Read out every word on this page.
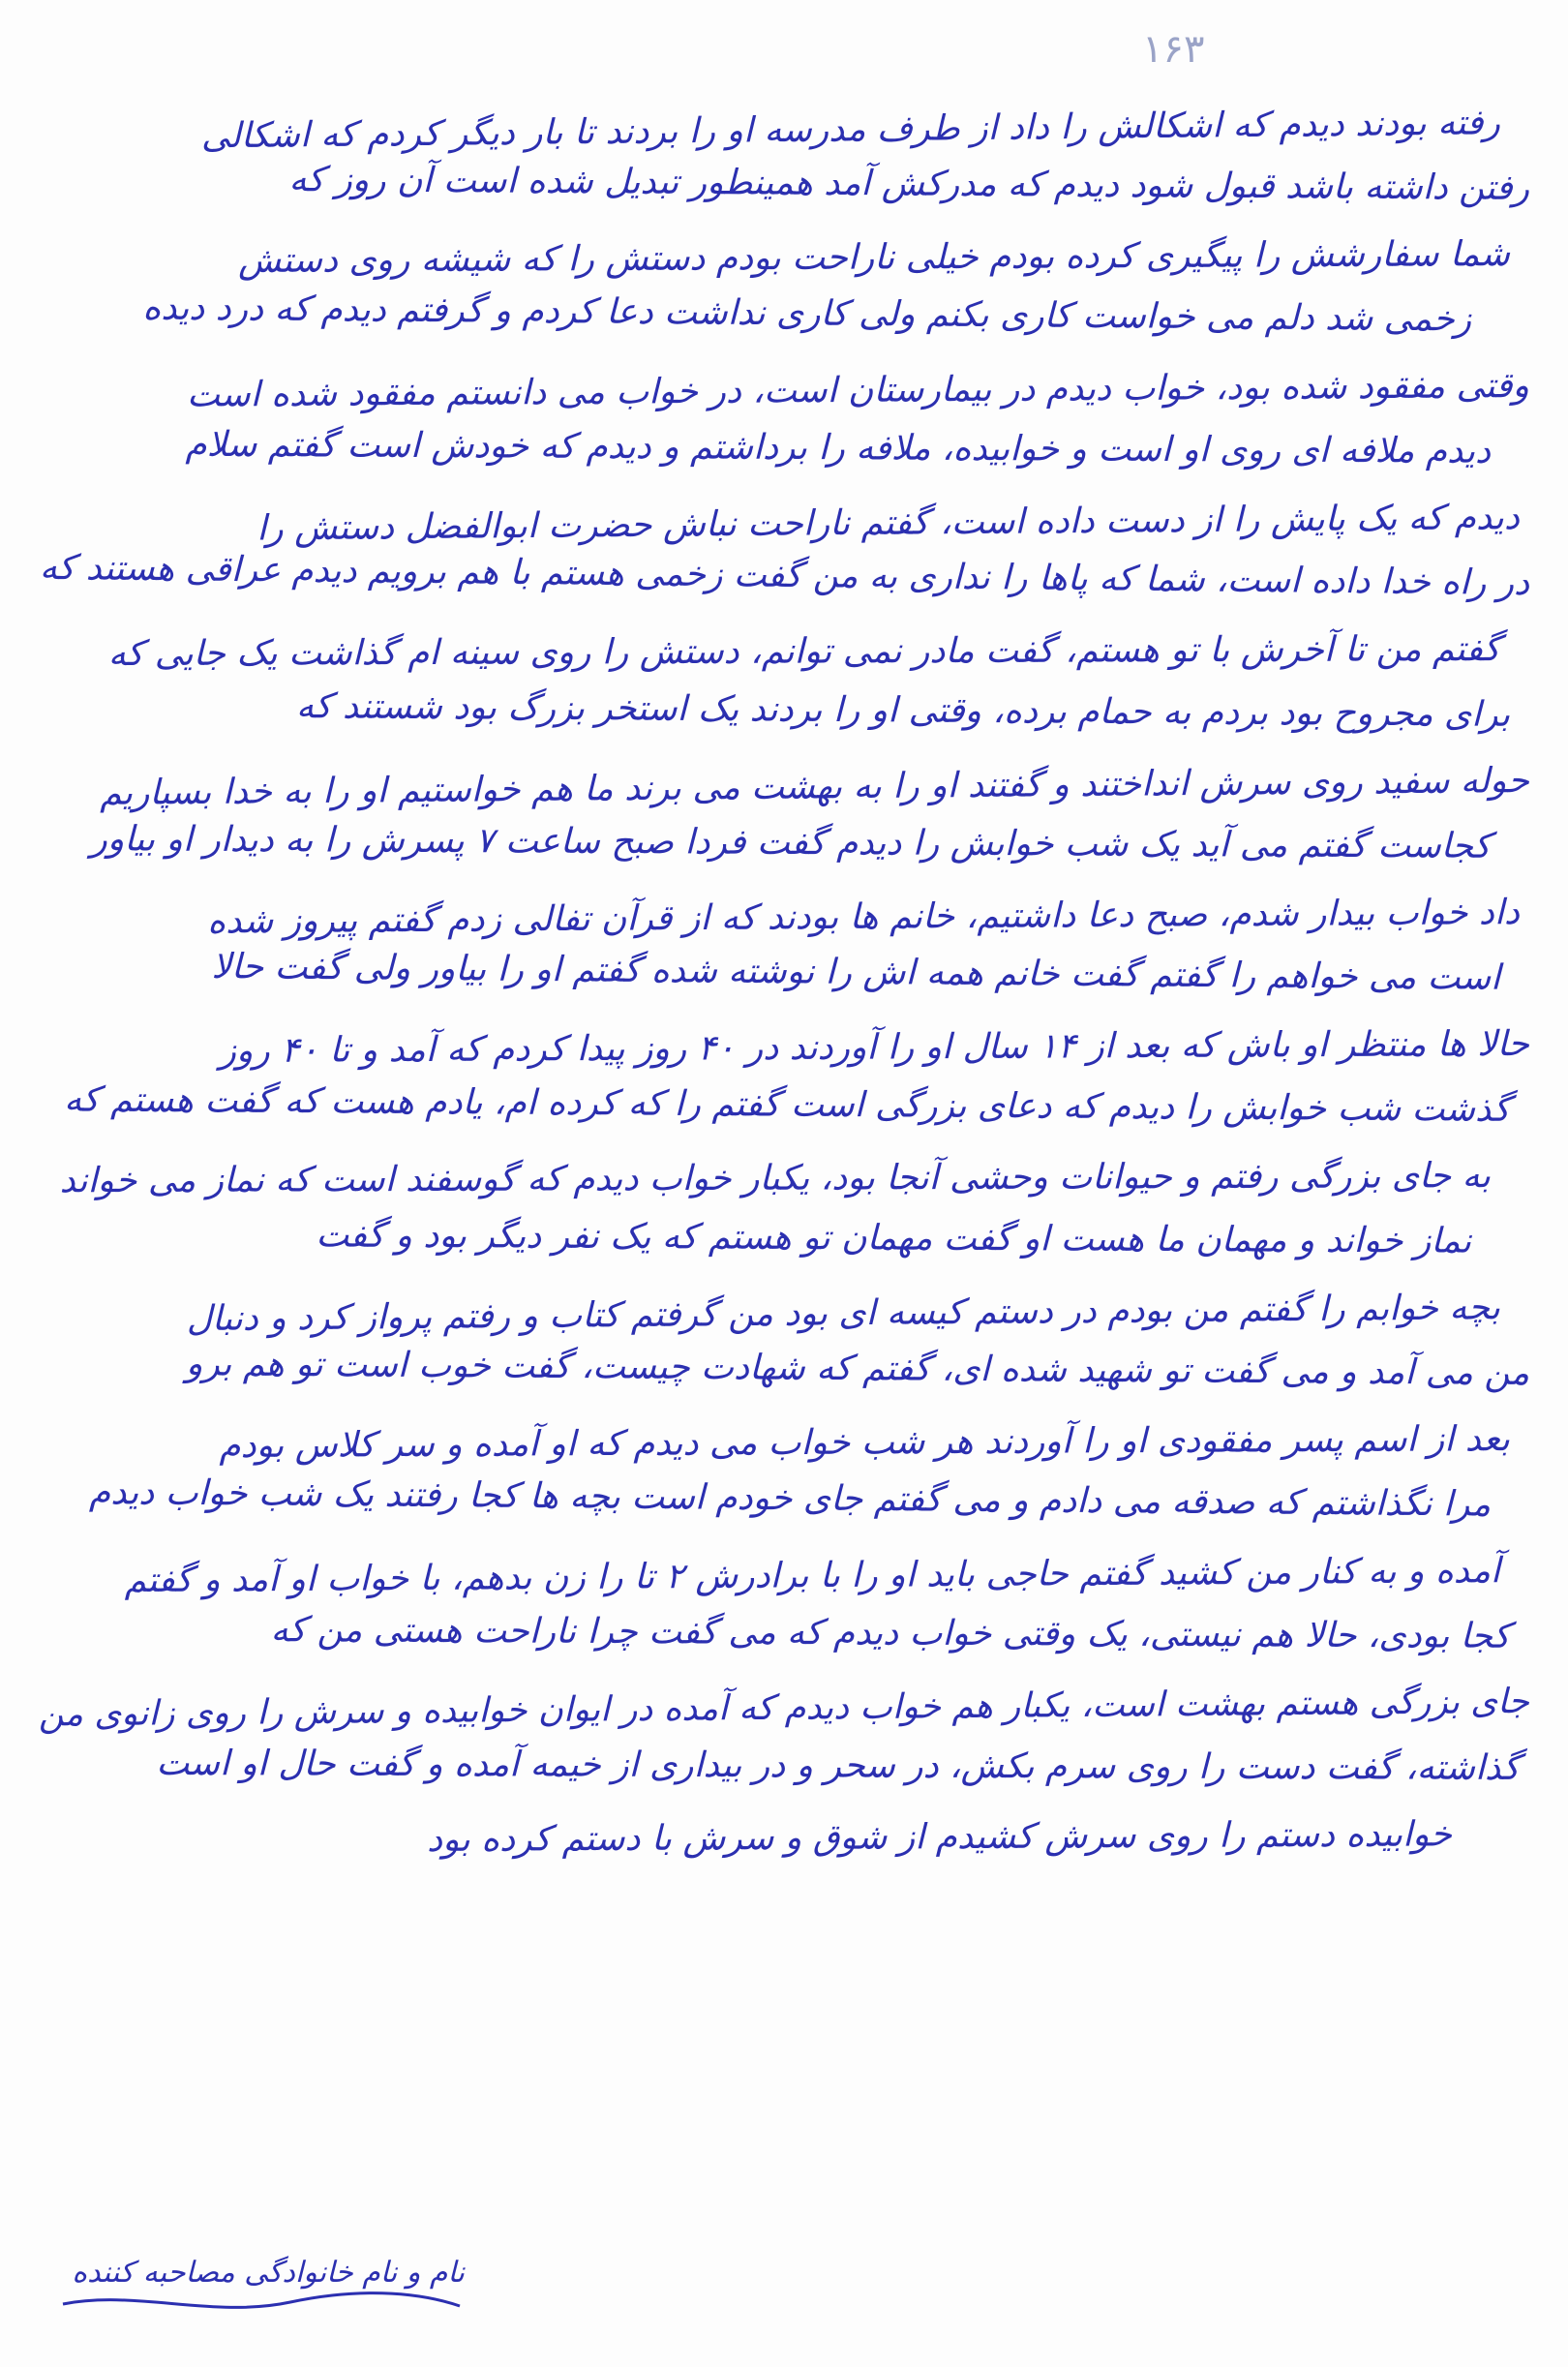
۱۶۳
رفته بودند دیدم که اشکالش را داد از طرف مدرسه او را بردند تا بار دیگر کردم که اشکالی
رفتن داشته باشد قبول شود دیدم که مدرکش آمد همینطور تبدیل شده است آن روز که
شما سفارشش را پیگیری کرده بودم خیلی ناراحت بودم دستش را که شیشه روی دستش
زخمی شد دلم می خواست کاری بکنم ولی کاری نداشت دعا کردم و گرفتم دیدم که درد دیده
وقتی مفقود شده بود، خواب دیدم در بیمارستان است، در خواب می دانستم مفقود شده است
دیدم ملافه ای روی او است و خوابیده، ملافه را برداشتم و دیدم که خودش است گفتم سلام
دیدم که یک پایش را از دست داده است، گفتم ناراحت نباش حضرت ابوالفضل دستش را
در راه خدا داده است، شما که پاها را نداری به من گفت زخمی هستم با هم برویم دیدم عراقی هستند که
گفتم من تا آخرش با تو هستم، گفت مادر نمی توانم، دستش را روی سینه ام گذاشت یک جایی که
برای مجروح بود بردم به حمام برده، وقتی او را بردند یک استخر بزرگ بود شستند که
حوله سفید روی سرش انداختند و گفتند او را به بهشت می برند ما هم خواستیم او را به خدا بسپاریم
کجاست گفتم می آید یک شب خوابش را دیدم گفت فردا صبح ساعت ۷ پسرش را به دیدار او بیاور
داد خواب بیدار شدم، صبح دعا داشتیم، خانم ها بودند که از قرآن تفالی زدم گفتم پیروز شده
است می خواهم را گفتم گفت خانم همه اش را نوشته شده گفتم او را بیاور ولی گفت حالا
حالا ها منتظر او باش که بعد از ۱۴ سال او را آوردند در ۴۰ روز پیدا کردم که آمد و تا ۴۰ روز
گذشت شب خوابش را دیدم که دعای بزرگی است گفتم را که کرده ام، یادم هست که گفت هستم که
به جای بزرگی رفتم و حیوانات وحشی آنجا بود، یکبار خواب دیدم که گوسفند است که نماز می خواند
نماز خواند و مهمان ما هست او گفت مهمان تو هستم که یک نفر دیگر بود و گفت
بچه خوابم را گفتم من بودم در دستم کیسه ای بود من گرفتم کتاب و رفتم پرواز کرد و دنبال
من می آمد و می گفت تو شهید شده ای، گفتم که شهادت چیست، گفت خوب است تو هم برو
بعد از اسم پسر مفقودی او را آوردند هر شب خواب می دیدم که او آمده و سر کلاس بودم
مرا نگذاشتم که صدقه می دادم و می گفتم جای خودم است بچه ها کجا رفتند یک شب خواب دیدم
آمده و به کنار من کشید گفتم حاجی باید او را با برادرش ۲ تا را زن بدهم، با خواب او آمد و گفتم
کجا بودی، حالا هم نیستی، یک وقتی خواب دیدم که می گفت چرا ناراحت هستی من که
جای بزرگی هستم بهشت است، یکبار هم خواب دیدم که آمده در ایوان خوابیده و سرش را روی زانوی من
گذاشته، گفت دست را روی سرم بکش، در سحر و در بیداری از خیمه آمده و گفت حال او است
خوابیده دستم را روی سرش کشیدم از شوق و سرش با دستم کرده بود
نام و نام خانوادگی مصاحبه کننده
